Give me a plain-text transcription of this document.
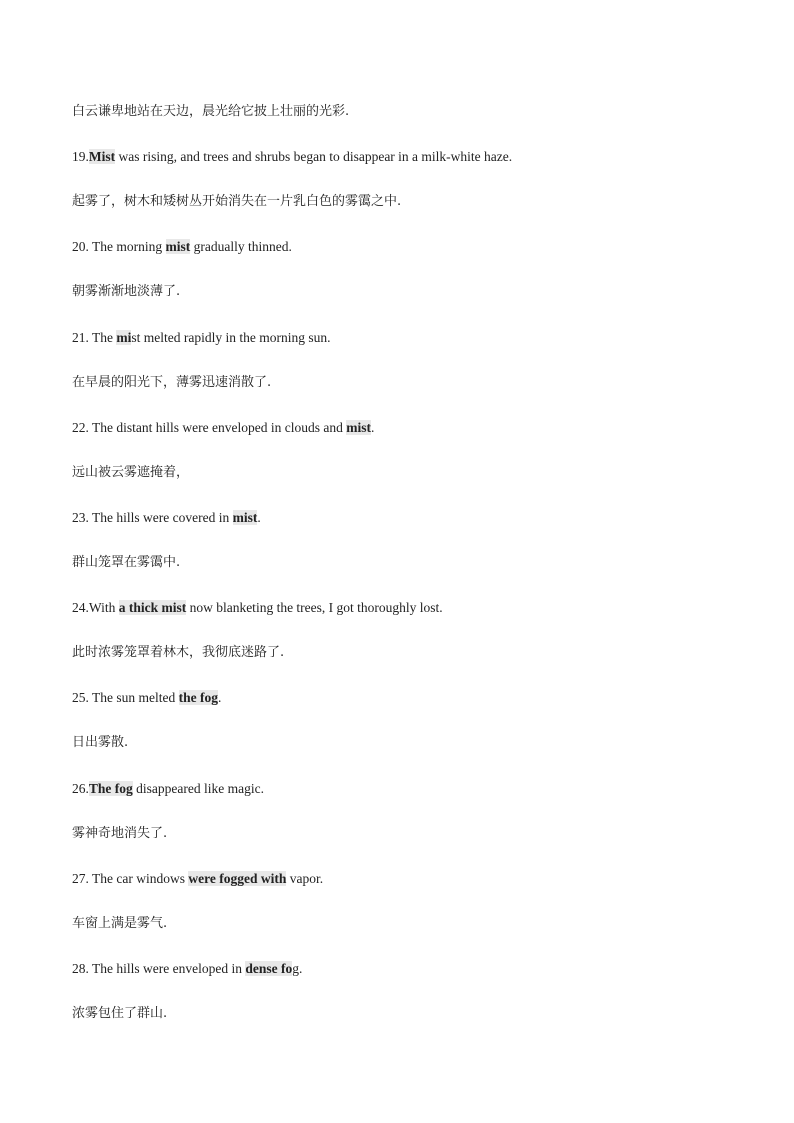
白云谦卑地站在天边，晨光给它披上壮丽的光彩.
19.Mist was rising, and trees and shrubs began to disappear in a milk-white haze.
起雾了，树木和矮树丛开始消失在一片乳白色的雾霭之中.
20. The morning mist gradually thinned.
朝雾渐渐地淡薄了.
21. The mist melted rapidly in the morning sun.
在早晨的阳光下，薄雾迅速消散了.
22. The distant hills were enveloped in clouds and mist.
远山被云雾遮掩着，
23. The hills were covered in mist.
群山笼罩在雾霭中.
24.With a thick mist now blanketing the trees, I got thoroughly lost.
此时浓雾笼罩着林木，我彻底迷路了.
25. The sun melted the fog.
日出雾散.
26.The fog disappeared like magic.
雾神奇地消失了.
27. The car windows were fogged with vapor.
车窗上满是雾气.
28. The hills were enveloped in dense fog.
浓雾包住了群山.
